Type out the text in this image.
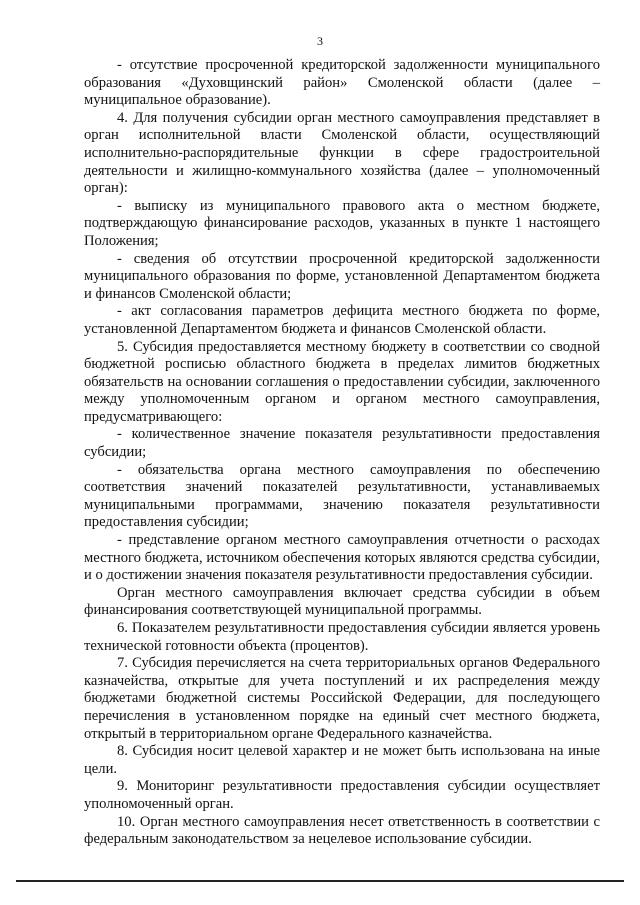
3

- отсутствие просроченной кредиторской задолженности муниципального образования «Духовщинский район» Смоленской области (далее – муниципальное образование).

4. Для получения субсидии орган местного самоуправления представляет в орган исполнительной власти Смоленской области, осуществляющий исполнительно-распорядительные функции в сфере градостроительной деятельности и жилищно-коммунального хозяйства (далее – уполномоченный орган):

- выписку из муниципального правового акта о местном бюджете, подтверждающую финансирование расходов, указанных в пункте 1 настоящего Положения;

- сведения об отсутствии просроченной кредиторской задолженности муниципального образования по форме, установленной Департаментом бюджета и финансов Смоленской области;

- акт согласования параметров дефицита местного бюджета по форме, установленной Департаментом бюджета и финансов Смоленской области.

5. Субсидия предоставляется местному бюджету в соответствии со сводной бюджетной росписью областного бюджета в пределах лимитов бюджетных обязательств на основании соглашения о предоставлении субсидии, заключенного между уполномоченным органом и органом местного самоуправления, предусматривающего:

- количественное значение показателя результативности предоставления субсидии;

- обязательства органа местного самоуправления по обеспечению соответствия значений показателей результативности, устанавливаемых муниципальными программами, значению показателя результативности предоставления субсидии;

- представление органом местного самоуправления отчетности о расходах местного бюджета, источником обеспечения которых являются средства субсидии, и о достижении значения показателя результативности предоставления субсидии.

Орган местного самоуправления включает средства субсидии в объем финансирования соответствующей муниципальной программы.

6. Показателем результативности предоставления субсидии является уровень технической готовности объекта (процентов).

7. Субсидия перечисляется на счета территориальных органов Федерального казначейства, открытые для учета поступлений и их распределения между бюджетами бюджетной системы Российской Федерации, для последующего перечисления в установленном порядке на единый счет местного бюджета, открытый в территориальном органе Федерального казначейства.

8. Субсидия носит целевой характер и не может быть использована на иные цели.

9. Мониторинг результативности предоставления субсидии осуществляет уполномоченный орган.

10. Орган местного самоуправления несет ответственность в соответствии с федеральным законодательством за нецелевое использование субсидии.
